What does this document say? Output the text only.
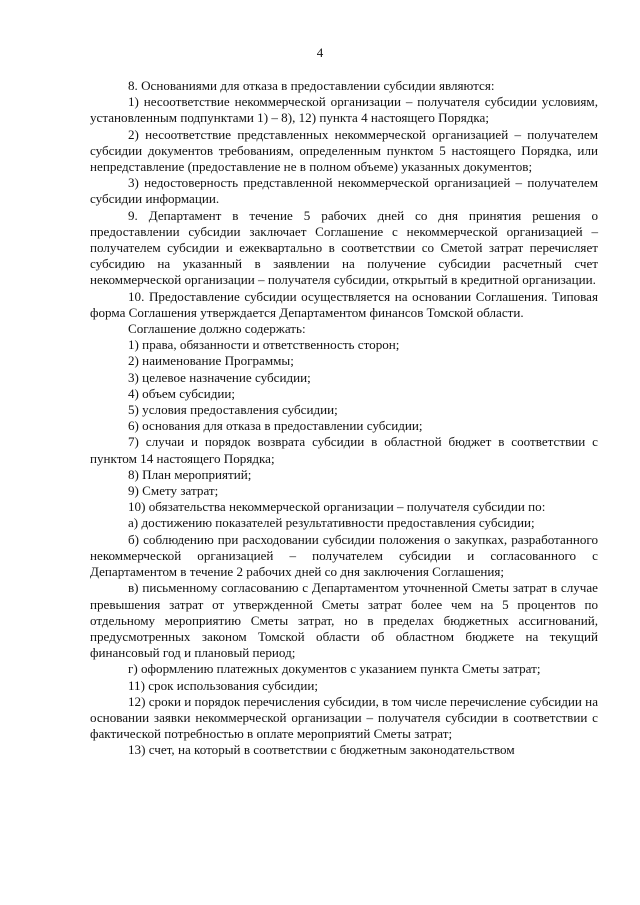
4

8. Основаниями для отказа в предоставлении субсидии являются:

1) несоответствие некоммерческой организации – получателя субсидии условиям, установленным подпунктами 1) – 8), 12) пункта 4 настоящего Порядка;

2) несоответствие представленных некоммерческой организацией – получателем субсидии документов требованиям, определенным пунктом 5 настоящего Порядка, или непредставление (предоставление не в полном объеме) указанных документов;

3) недостоверность представленной некоммерческой организацией – получателем субсидии информации.

9. Департамент в течение 5 рабочих дней со дня принятия решения о предоставлении субсидии заключает Соглашение с некоммерческой организацией – получателем субсидии и ежеквартально в соответствии со Сметой затрат перечисляет субсидию на указанный в заявлении на получение субсидии расчетный счет некоммерческой организации – получателя субсидии, открытый в кредитной организации.

10. Предоставление субсидии осуществляется на основании Соглашения. Типовая форма Соглашения утверждается Департаментом финансов Томской области.

Соглашение должно содержать:

1) права, обязанности и ответственность сторон;

2) наименование Программы;

3) целевое назначение субсидии;

4) объем субсидии;

5) условия предоставления субсидии;

6) основания для отказа в предоставлении субсидии;

7) случаи и порядок возврата субсидии в областной бюджет в соответствии с пунктом 14 настоящего Порядка;

8) План мероприятий;

9) Смету затрат;

10) обязательства некоммерческой организации – получателя субсидии по:

а) достижению показателей результативности предоставления субсидии;

б) соблюдению при расходовании субсидии положения о закупках, разработанного некоммерческой организацией – получателем субсидии и согласованного с Департаментом в течение 2 рабочих дней со дня заключения Соглашения;

в) письменному согласованию с Департаментом уточненной Сметы затрат в случае превышения затрат от утвержденной Сметы затрат более чем на 5 процентов по отдельному мероприятию Сметы затрат, но в пределах бюджетных ассигнований, предусмотренных законом Томской области об областном бюджете на текущий финансовый год и плановый период;

г) оформлению платежных документов с указанием пункта Сметы затрат;

11) срок использования субсидии;

12) сроки и порядок перечисления субсидии, в том числе перечисление субсидии на основании заявки некоммерческой организации – получателя субсидии в соответствии с фактической потребностью в оплате мероприятий Сметы затрат;

13) счет, на который в соответствии с бюджетным законодательством
